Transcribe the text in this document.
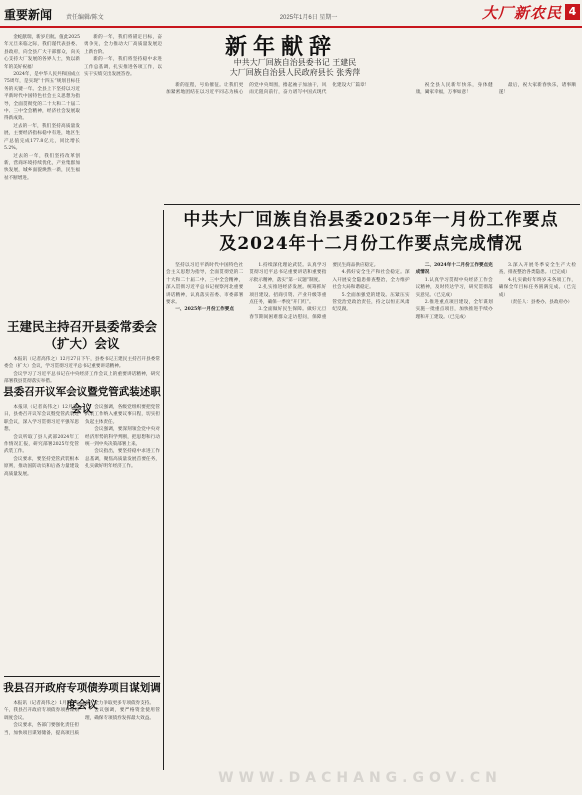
重要新闻 责任编辑/陈文	2025年1月6日 星期一	大厂新农民 4
新年献辞
中共大厂回族自治县委书记 王建民
大厂回族自治县人民政府县长 张秀萍

金蛇献瑞，新岁启航。值此2025年元旦来临之际，我们谨代表县委、县政府，向全县广大干部群众，向关心支持大厂发展的各界人士，致以新年的美好祝福！

2024年，是中华人民共和国成立75周年，是实现“十四五”规划目标任务的关键一年。全县上下坚持以习近平新时代中国特色社会主义思想为指导，全面贯彻党的二十大和二十届二中、三中全会精神，经济社会发展取得新成效。

过去的一年，我们坚持高质量发展，主要经济指标稳中有进，地区生产总值完成177.8亿元，同比增长5.2%。

过去的一年，我们坚持改革创新，营商环境持续优化，产业集群加快发展，城乡面貌焕然一新，民生福祉不断增进。

新的一年，我们将锚定目标，奋勇争先，全力推动大厂高质量发展迈上新台阶。

新的一年，我们将坚持稳中求进工作总基调，扎实推进各项工作，以实干实绩交出发展答卷。

新的征程，号角催征。让我们更加紧密地团结在以习近平同志为核心的党中央周围，撸起袖子加油干，风雨无阻向前行，奋力谱写中国式现代化建设大厂篇章！	祝全县人民新年快乐，身体健康，阖家幸福，万事如意！

最后，祝大家新春快乐，诸事顺遂！

中共大厂回族自治县委2025年一月份工作要点
及2024年十二月份工作要点完成情况

坚持以习近平新时代中国特色社会主义思想为指导，全面贯彻党的二十大和二十届二中、三中全会精神，深入贯彻习近平总书记视察河北重要讲话精神，认真落实省委、市委部署要求。

一、2025年一月份工作要点

1.持续深化理论武装。认真学习贯彻习近平总书记重要讲话和重要指示批示精神，落实“第一议题”制度。

2.扎实推进经济发展。统筹抓好项目建设、招商引资、产业升级等重点任务，确保一季度“开门红”。

3.全面做好民生保障。做好元旦春节期间困难群众走访慰问，保障重要民生商品供应稳定。

4.抓好安全生产和社会稳定。深入开展安全隐患排查整治，全力维护社会大局和谐稳定。

5.全面加强党的建设。压紧压实管党治党政治责任，持之以恒正风肃纪反腐。

二、2024年十二月份工作要点完成情况

1.认真学习贯彻中央经济工作会议精神，及时传达学习，研究贯彻落实意见。（已完成）

2.推进重点项目建设，全年谋划实施一批重点项目，加快推进手续办理和开工建设。（已完成）

3.深入开展冬季安全生产大检查，排查整治各类隐患。（已完成）

4.扎实做好年终岁末各项工作，确保全年目标任务圆满完成。（已完成）

（责任人：县委办、县政府办）

王建民主持召开县委常委会（扩大）会议

本报讯（记者高伟之）12月27日下午，县委书记王建民主持召开县委常委会（扩大）会议，学习贯彻习近平总书记重要讲话精神。

会议学习了习近平总书记在中央经济工作会议上的重要讲话精神，研究部署我县贯彻落实举措。

县委召开议军会议暨党管武装述职会议

本报讯（记者高伟之）12月30日，县委召开议军会议暨党管武装述职会议，深入学习贯彻习近平强军思想。

会议听取了县人武部2024年工作情况汇报，研究部署2025年党管武装工作。

会议要求，要坚持党管武装根本原则，推动国防动员和后备力量建设高质量发展。

会议强调，各级党组织要把党管武装工作纳入重要议事日程，切实担负起主体责任。

会议强调，要深刻领会党中央对经济形势的科学判断，把思想和行动统一到中央决策部署上来。

会议指出，要坚持稳中求进工作总基调，聚焦高质量发展首要任务，扎实做好明年经济工作。

我县召开政府专项债券项目谋划调度会议

本报讯（记者高伟之）1月3日下午，我县召开政府专项债券项目谋划调度会议。

会议要求，各部门要强化责任担当，加快项目谋划储备，提高项目质量，全力争取更多专项债券支持。

会议强调，要严格资金使用管理，确保专项债券发挥最大效益。

WWW.DACHANG.GOV.CN
